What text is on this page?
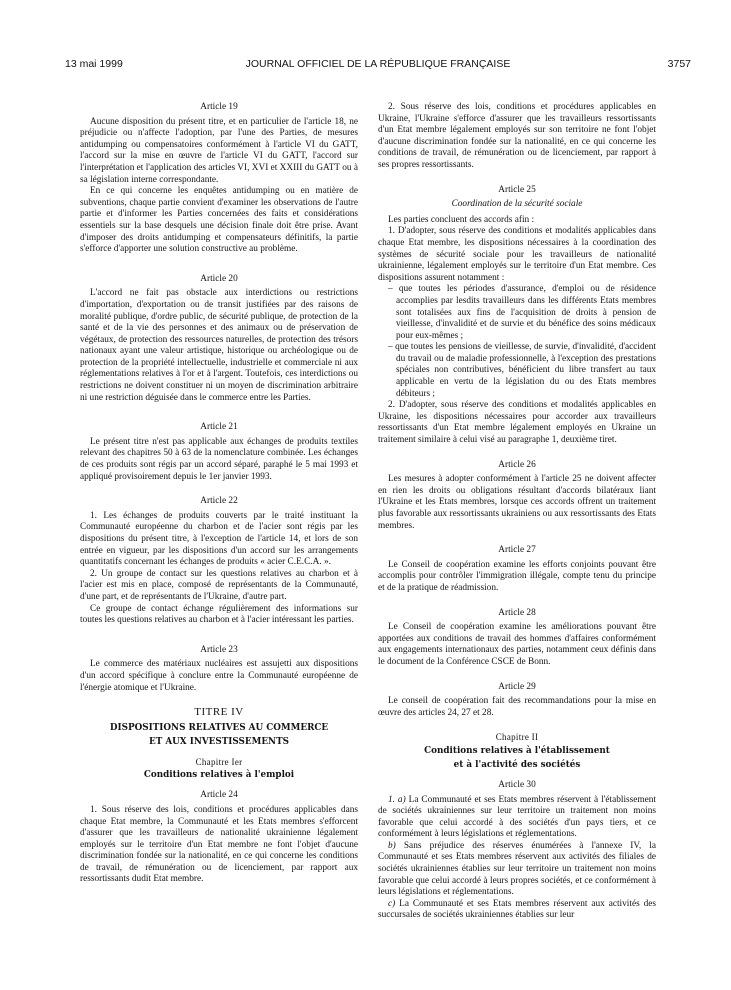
13 mai 1999	JOURNAL OFFICIEL DE LA RÉPUBLIQUE FRANÇAISE	3757

Article 19

Aucune disposition du présent titre, et en particulier de l'article 18, ne préjudicie ou n'affecte l'adoption, par l'une des Parties, de mesures antidumping ou compensatoires conformément à l'article VI du GATT, l'accord sur la mise en œuvre de l'article VI du GATT, l'accord sur l'interprétation et l'application des articles VI, XVI et XXIII du GATT ou à sa législation interne correspondante.

En ce qui concerne les enquêtes antidumping ou en matière de subventions, chaque partie convient d'examiner les observations de l'autre partie et d'informer les Parties concernées des faits et considérations essentiels sur la base desquels une décision finale doit être prise. Avant d'imposer des droits antidumping et compensateurs définitifs, la partie s'efforce d'apporter une solution constructive au problème.

Article 20

L'accord ne fait pas obstacle aux interdictions ou restrictions d'importation, d'exportation ou de transit justifiées par des raisons de moralité publique, d'ordre public, de sécurité publique, de protection de la santé et de la vie des personnes et des animaux ou de préservation de végétaux, de protection des ressources naturelles, de protection des trésors nationaux ayant une valeur artistique, historique ou archéologique ou de protection de la propriété intellectuelle, industrielle et commerciale ni aux réglementations relatives à l'or et à l'argent. Toutefois, ces interdictions ou restrictions ne doivent constituer ni un moyen de discrimination arbitraire ni une restriction déguisée dans le commerce entre les Parties.

Article 21

Le présent titre n'est pas applicable aux échanges de produits textiles relevant des chapitres 50 à 63 de la nomenclature combinée. Les échanges de ces produits sont régis par un accord séparé, paraphé le 5 mai 1993 et appliqué provisoirement depuis le 1er janvier 1993.

Article 22

1. Les échanges de produits couverts par le traité instituant la Communauté européenne du charbon et de l'acier sont régis par les dispositions du présent titre, à l'exception de l'article 14, et lors de son entrée en vigueur, par les dispositions d'un accord sur les arrangements quantitatifs concernant les échanges de produits « acier C.E.C.A. ».

2. Un groupe de contact sur les questions relatives au charbon et à l'acier est mis en place, composé de représentants de la Communauté, d'une part, et de représentants de l'Ukraine, d'autre part.

Ce groupe de contact échange régulièrement des informations sur toutes les questions relatives au charbon et à l'acier intéressant les parties.

Article 23

Le commerce des matériaux nucléaires est assujetti aux dispositions d'un accord spécifique à conclure entre la Communauté européenne de l'énergie atomique et l'Ukraine.

TITRE IV

DISPOSITIONS RELATIVES AU COMMERCE

ET AUX INVESTISSEMENTS

Chapitre Ier

Conditions relatives à l'emploi

Article 24

1. Sous réserve des lois, conditions et procédures applicables dans chaque Etat membre, la Communauté et les Etats membres s'efforcent d'assurer que les travailleurs de nationalité ukrainienne légalement employés sur le territoire d'un Etat membre ne font l'objet d'aucune discrimination fondée sur la nationalité, en ce qui concerne les conditions de travail, de rémunération ou de licenciement, par rapport aux ressortissants dudit Etat membre.

2. Sous réserve des lois, conditions et procédures applicables en Ukraine, l'Ukraine s'efforce d'assurer que les travailleurs ressortissants d'un Etat membre légalement employés sur son territoire ne font l'objet d'aucune discrimination fondée sur la nationalité, en ce qui concerne les conditions de travail, de rémunération ou de licenciement, par rapport à ses propres ressortissants.

Article 25

Coordination de la sécurité sociale

Les parties concluent des accords afin :

1. D'adopter, sous réserve des conditions et modalités applicables dans chaque Etat membre, les dispositions nécessaires à la coordination des systèmes de sécurité sociale pour les travailleurs de nationalité ukrainienne, légalement employés sur le territoire d'un Etat membre. Ces dispositions assurent notamment :

– que toutes les périodes d'assurance, d'emploi ou de résidence accomplies par lesdits travailleurs dans les différents Etats membres sont totalisées aux fins de l'acquisition de droits à pension de vieillesse, d'invalidité et de survie et du bénéfice des soins médicaux pour eux-mêmes ;

– que toutes les pensions de vieillesse, de survie, d'invalidité, d'accident du travail ou de maladie professionnelle, à l'exception des prestations spéciales non contributives, bénéficient du libre transfert au taux applicable en vertu de la législation du ou des Etats membres débiteurs ;

2. D'adopter, sous réserve des conditions et modalités applicables en Ukraine, les dispositions nécessaires pour accorder aux travailleurs ressortissants d'un Etat membre légalement employés en Ukraine un traitement similaire à celui visé au paragraphe 1, deuxième tiret.

Article 26

Les mesures à adopter conformément à l'article 25 ne doivent affecter en rien les droits ou obligations résultant d'accords bilatéraux liant l'Ukraine et les Etats membres, lorsque ces accords offrent un traitement plus favorable aux ressortissants ukrainiens ou aux ressortissants des Etats membres.

Article 27

Le Conseil de coopération examine les efforts conjoints pouvant être accomplis pour contrôler l'immigration illégale, compte tenu du principe et de la pratique de réadmission.

Article 28

Le Conseil de coopération examine les améliorations pouvant être apportées aux conditions de travail des hommes d'affaires conformément aux engagements internationaux des parties, notamment ceux définis dans le document de la Conférence CSCE de Bonn.

Article 29

Le conseil de coopération fait des recommandations pour la mise en œuvre des articles 24, 27 et 28.

Chapitre II

Conditions relatives à l'établissement

et à l'activité des sociétés

Article 30

1. a) La Communauté et ses Etats membres réservent à l'établissement de sociétés ukrainiennes sur leur territoire un traitement non moins favorable que celui accordé à des sociétés d'un pays tiers, et ce conformément à leurs législations et réglementations.

b) Sans préjudice des réserves énumérées à l'annexe IV, la Communauté et ses Etats membres réservent aux activités des filiales de sociétés ukrainiennes établies sur leur territoire un traitement non moins favorable que celui accordé à leurs propres sociétés, et ce conformément à leurs législations et réglementations.

c) La Communauté et ses Etats membres réservent aux activités des succursales de sociétés ukrainiennes établies sur leur
